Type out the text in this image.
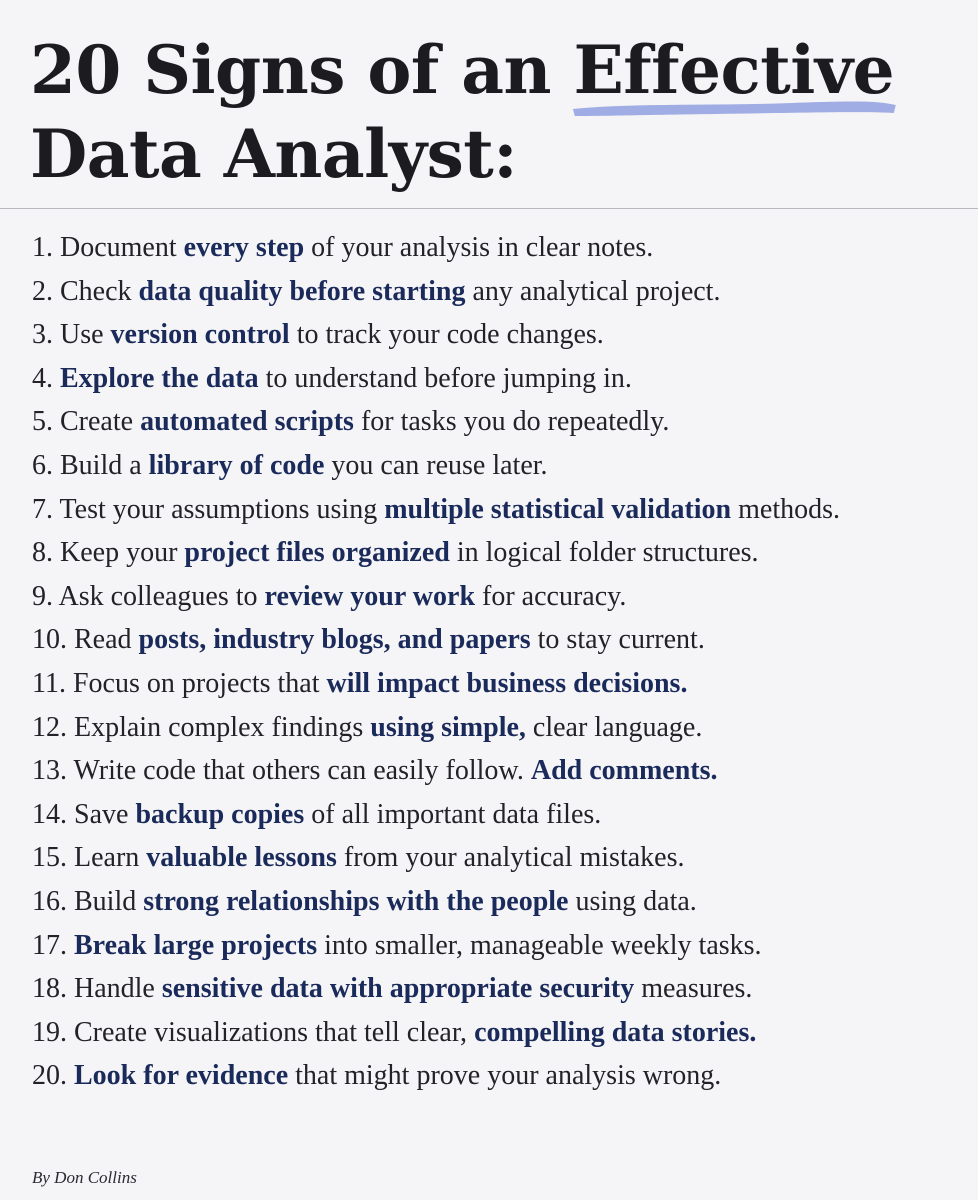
20 Signs of an
Effective
Data Analyst:
1. Document every step of your analysis in clear notes.
2. Check data quality before starting any analytical project.
3. Use version control to track your code changes.
4. Explore the data to understand before jumping in.
5. Create automated scripts for tasks you do repeatedly.
6. Build a library of code you can reuse later.
7. Test your assumptions using multiple statistical validation methods.
8. Keep your project files organized in logical folder structures.
9. Ask colleagues to review your work for accuracy.
10. Read posts, industry blogs, and papers to stay current.
11. Focus on projects that will impact business decisions.
12. Explain complex findings using simple, clear language.
13. Write code that others can easily follow. Add comments.
14. Save backup copies of all important data files.
15. Learn valuable lessons from your analytical mistakes.
16. Build strong relationships with the people using data.
17. Break large projects into smaller, manageable weekly tasks.
18. Handle sensitive data with appropriate security measures.
19. Create visualizations that tell clear, compelling data stories.
20. Look for evidence that might prove your analysis wrong.
By Don Collins
